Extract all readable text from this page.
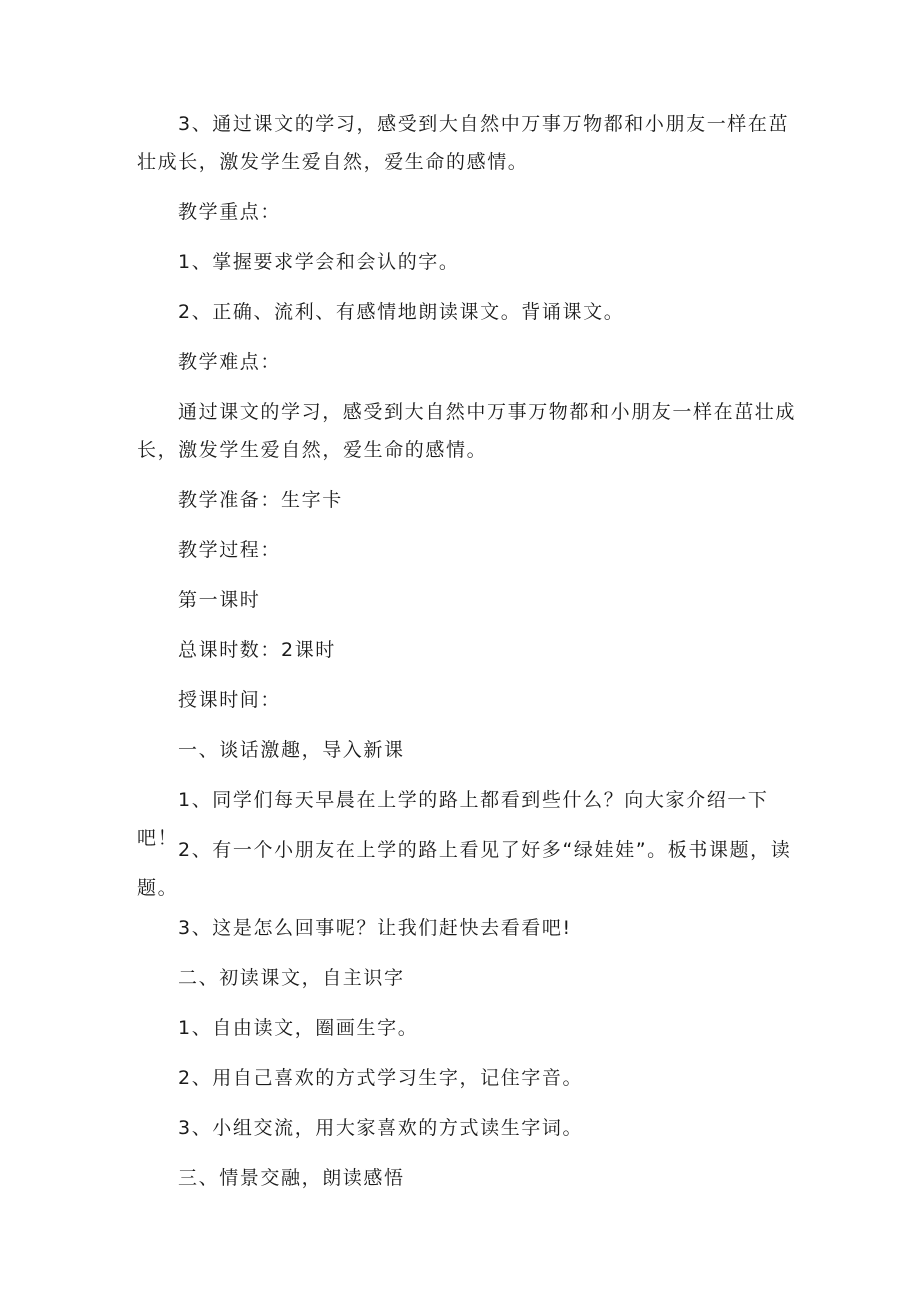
3、通过课文的学习，感受到大自然中万事万物都和小朋友一样在茁壮成长，激发学生爱自然，爱生命的感情。

教学重点：

1、掌握要求学会和会认的字。

2、正确、流利、有感情地朗读课文。背诵课文。

教学难点：

通过课文的学习，感受到大自然中万事万物都和小朋友一样在茁壮成长，激发学生爱自然，爱生命的感情。

教学准备：生字卡

教学过程：

第一课时

总课时数：2课时

授课时间：

一、谈话激趣，导入新课

1、同学们每天早晨在上学的路上都看到些什么？向大家介绍一下吧！

2、有一个小朋友在上学的路上看见了好多“绿娃娃”。板书课题，读题。

3、这是怎么回事呢？让我们赶快去看看吧!

二、初读课文，自主识字

1、自由读文，圈画生字。

2、用自己喜欢的方式学习生字，记住字音。

3、小组交流，用大家喜欢的方式读生字词。

三、情景交融，朗读感悟
